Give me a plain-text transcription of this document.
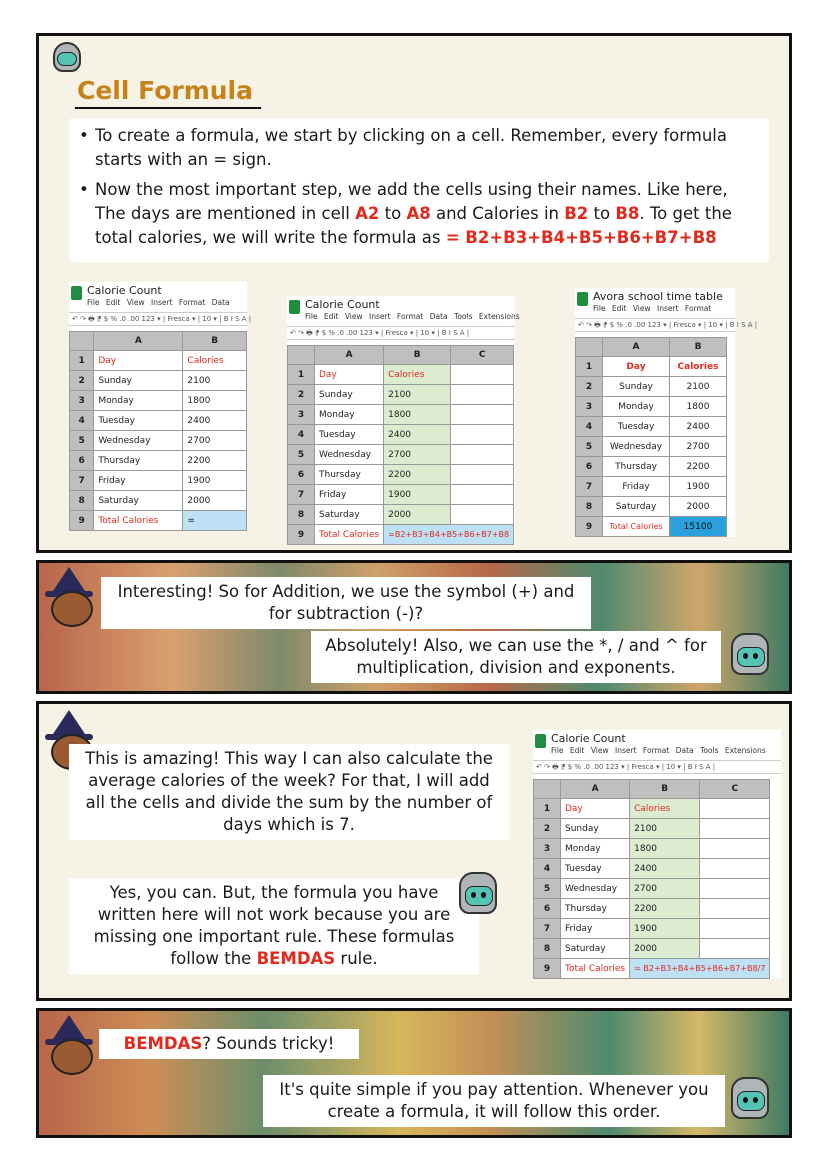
Cell Formula

• To create a formula, we start by clicking on a cell. Remember, every formula starts with an = sign.

• Now the most important step, we add the cells using their names. Like here, The days are mentioned in cell A2 to A8 and Calories in B2 to B8. To get the total calories, we will write the formula as = B2+B3+B4+B5+B6+B7+B8

Calorie Count
File Edit View Insert Format Data
↶ ↷ 🖶 ⁋ $ % .0 .00 123 ▾ | Fresca ▾ | 10 ▾ | B I S A |
	A	B
1	Day	Calories
2	Sunday	2100
3	Monday	1800
4	Tuesday	2400
5	Wednesday	2700
6	Thursday	2200
7	Friday	1900
8	Saturday	2000
9	Total Calories	=
Calorie Count
File Edit View Insert Format Data Tools Extensions
↶ ↷ 🖶 ⁋ $ % .0 .00 123 ▾ | Fresca ▾ | 10 ▾ | B I S A |
	A	B	C
1	Day	Calories	
2	Sunday	2100	
3	Monday	1800	
4	Tuesday	2400	
5	Wednesday	2700	
6	Thursday	2200	
7	Friday	1900	
8	Saturday	2000	
9	Total Calories	=B2+B3+B4+B5+B6+B7+B8	
Avora school time table
File Edit View Insert Format
↶ ↷ 🖶 ⁋ $ % .0 .00 123 ▾ | Fresca ▾ | 10 ▾ | B I S A |
	A	B
1	Day	Calories
2	Sunday	2100
3	Monday	1800
4	Tuesday	2400
5	Wednesday	2700
6	Thursday	2200
7	Friday	1900
8	Saturday	2000
9	Total Calories	15100
Interesting! So for Addition, we use the symbol (+) and for subtraction (-)?
Absolutely! Also, we can use the *, / and ^ for multiplication, division and exponents.
This is amazing! This way I can also calculate the average calories of the week? For that, I will add all the cells and divide the sum by the number of days which is 7.
Yes, you can. But, the formula you have written here will not work because you are missing one important rule. These formulas follow the BEMDAS rule.
Calorie Count
File Edit View Insert Format Data Tools Extensions
↶ ↷ 🖶 ⁋ $ % .0 .00 123 ▾ | Fresca ▾ | 10 ▾ | B I S A |
	A	B	C
1	Day	Calories	
2	Sunday	2100	
3	Monday	1800	
4	Tuesday	2400	
5	Wednesday	2700	
6	Thursday	2200	
7	Friday	1900	
8	Saturday	2000	
9	Total Calories	= B2+B3+B4+B5+B6+B7+B8/7	
BEMDAS? Sounds tricky!
It's quite simple if you pay attention. Whenever you create a formula, it will follow this order.
